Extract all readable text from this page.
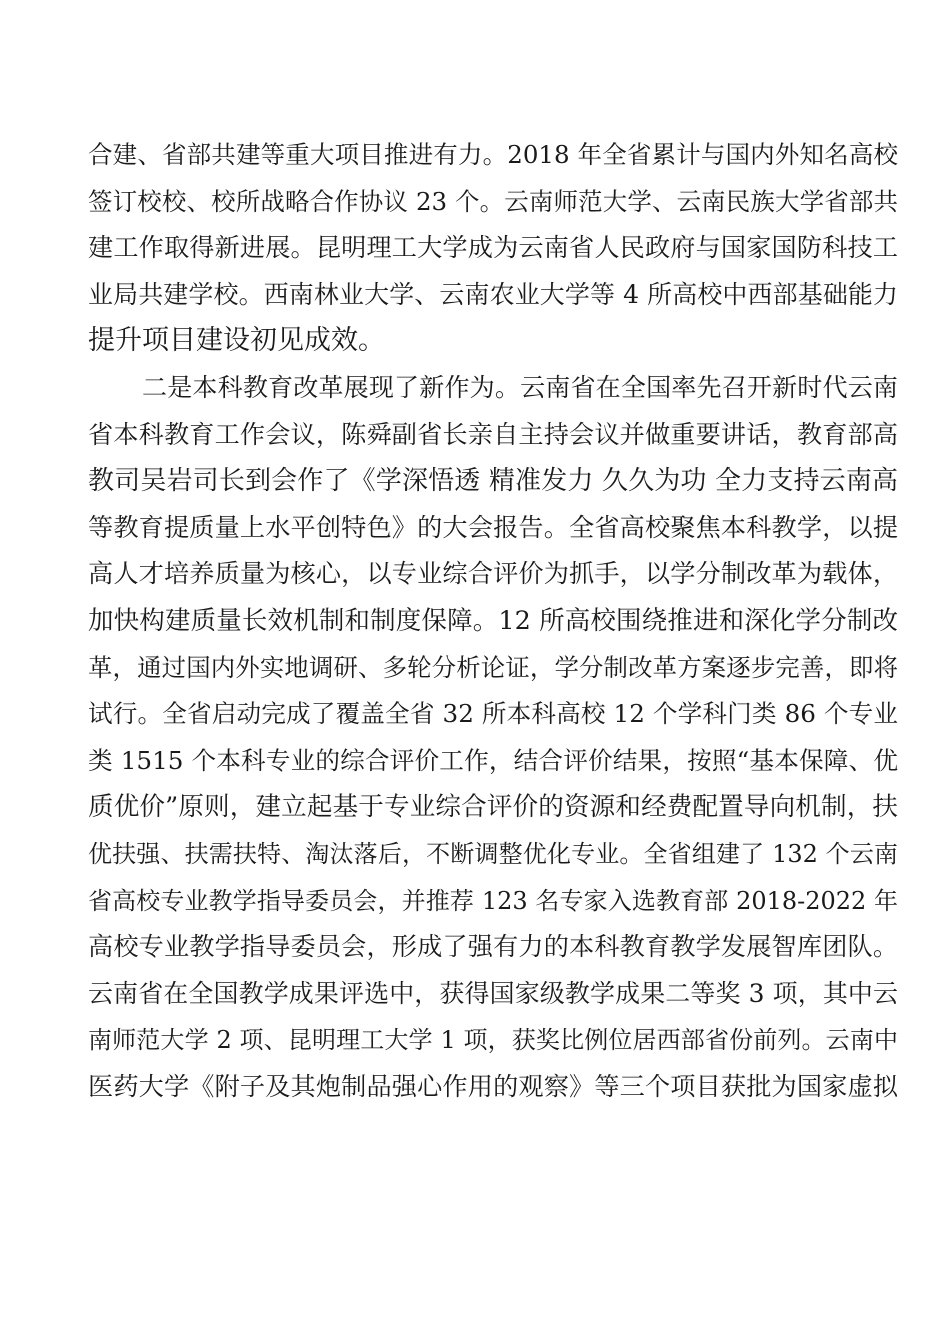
合建、省部共建等重大项目推进有力。2018 年全省累计与国内外知名高校
签订校校、校所战略合作协议 23 个。云南师范大学、云南民族大学省部共
建工作取得新进展。昆明理工大学成为云南省人民政府与国家国防科技工
业局共建学校。西南林业大学、云南农业大学等 4 所高校中西部基础能力
提升项目建设初见成效。
二是本科教育改革展现了新作为。云南省在全国率先召开新时代云南
省本科教育工作会议，陈舜副省长亲自主持会议并做重要讲话，教育部高
教司吴岩司长到会作了《学深悟透 精准发力 久久为功 全力支持云南高
等教育提质量上水平创特色》的大会报告。全省高校聚焦本科教学，以提
高人才培养质量为核心，以专业综合评价为抓手，以学分制改革为载体，
加快构建质量长效机制和制度保障。12 所高校围绕推进和深化学分制改
革，通过国内外实地调研、多轮分析论证，学分制改革方案逐步完善，即将
试行。全省启动完成了覆盖全省 32 所本科高校 12 个学科门类 86 个专业
类 1515 个本科专业的综合评价工作，结合评价结果，按照“基本保障、优
质优价”原则，建立起基于专业综合评价的资源和经费配置导向机制，扶
优扶强、扶需扶特、淘汰落后，不断调整优化专业。全省组建了 132 个云南
省高校专业教学指导委员会，并推荐 123 名专家入选教育部 2018-2022 年
高校专业教学指导委员会，形成了强有力的本科教育教学发展智库团队。
云南省在全国教学成果评选中，获得国家级教学成果二等奖 3 项，其中云
南师范大学 2 项、昆明理工大学 1 项，获奖比例位居西部省份前列。云南中
医药大学《附子及其炮制品强心作用的观察》等三个项目获批为国家虚拟
